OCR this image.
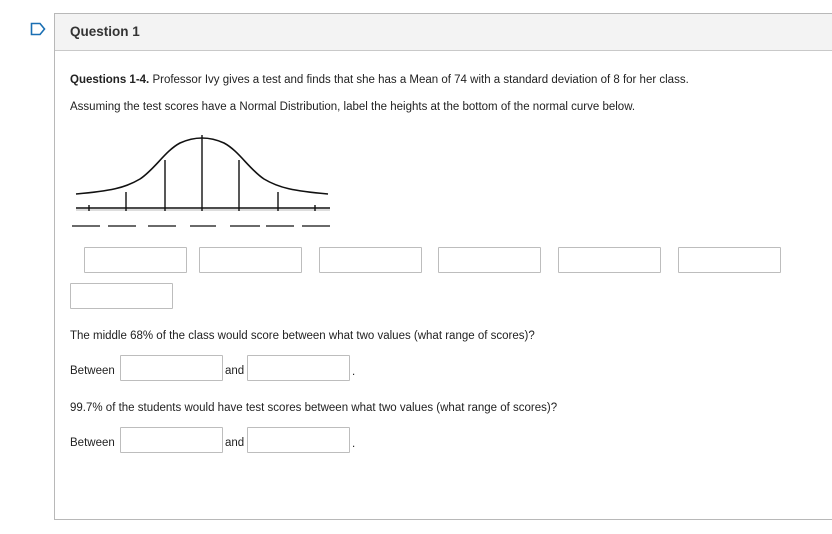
Question 1
Questions 1-4. Professor Ivy gives a test and finds that she has a Mean of 74 with a standard deviation of 8 for her class.
Assuming the test scores have a Normal Distribution, label the heights at the bottom of the normal curve below.
The middle 68% of the class would score between what two values (what range of scores)?
Between	and	.
99.7% of the students would have test scores between what two values (what range of scores)?
Between	and	.
